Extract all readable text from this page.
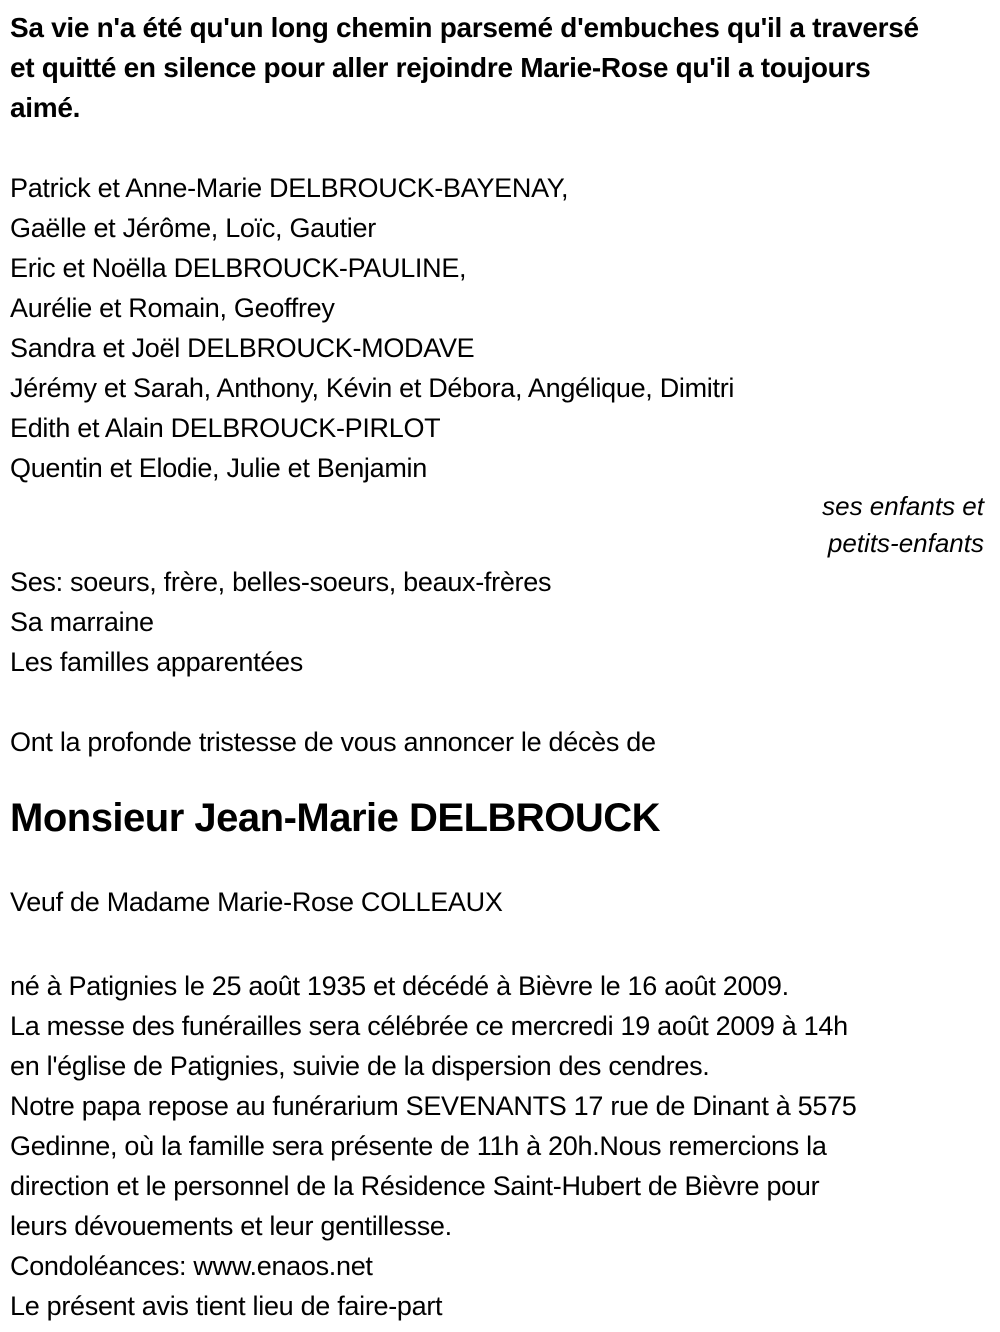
Sa vie n'a été qu'un long chemin parsemé d'embuches qu'il a traversé
et quitté en silence pour aller rejoindre Marie-Rose qu'il a toujours
aimé.
Patrick et Anne-Marie DELBROUCK-BAYENAY,
Gaëlle et Jérôme, Loïc, Gautier
Eric et Noëlla DELBROUCK-PAULINE,
Aurélie et Romain, Geoffrey
Sandra et Joël DELBROUCK-MODAVE
Jérémy et Sarah, Anthony, Kévin et Débora, Angélique, Dimitri
Edith et Alain DELBROUCK-PIRLOT
Quentin et Elodie, Julie et Benjamin
ses enfants et
petits-enfants
Ses: soeurs, frère, belles-soeurs, beaux-frères
Sa marraine
Les familles apparentées
Ont la profonde tristesse de vous annoncer le décès de
Monsieur Jean-Marie DELBROUCK
Veuf de Madame Marie-Rose COLLEAUX
né à Patignies le 25 août 1935 et décédé à Bièvre le 16 août 2009.
La messe des funérailles sera célébrée ce mercredi 19 août 2009 à 14h
en l'église de Patignies, suivie de la dispersion des cendres.
Notre papa repose au funérarium SEVENANTS 17 rue de Dinant à 5575
Gedinne, où la famille sera présente de 11h à 20h.Nous remercions la
direction et le personnel de la Résidence Saint-Hubert de Bièvre pour
leurs dévouements et leur gentillesse.
Condoléances: www.enaos.net
Le présent avis tient lieu de faire-part
